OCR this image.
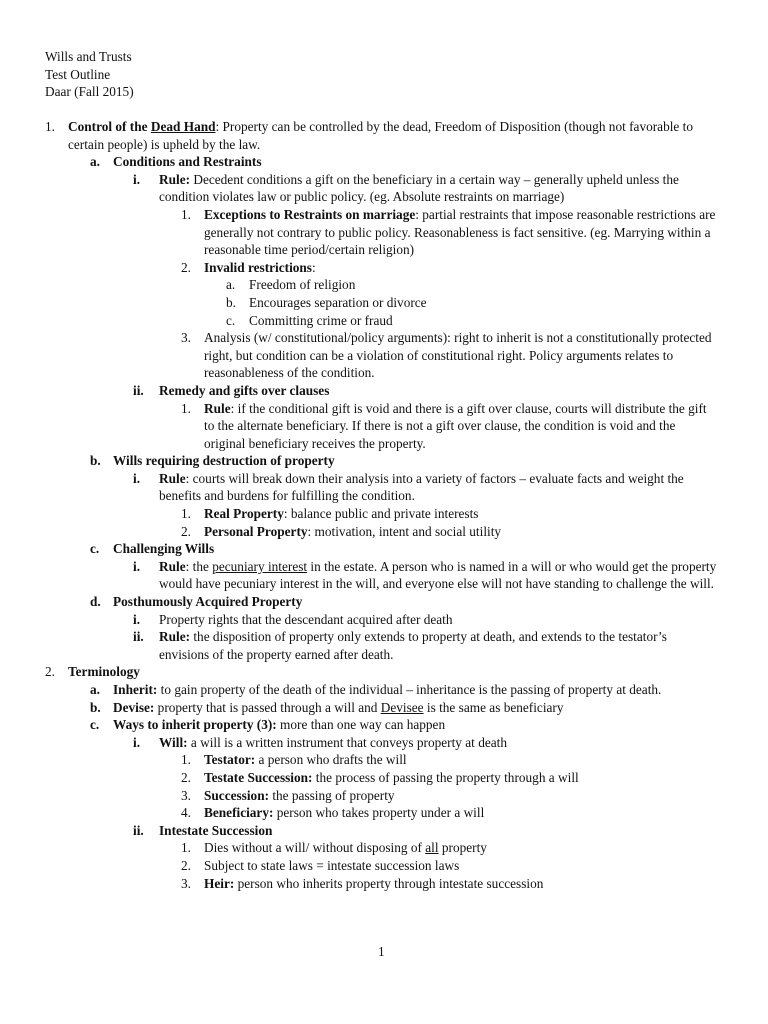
Wills and Trusts
Test Outline
Daar (Fall 2015)
1. Control of the Dead Hand: Property can be controlled by the dead, Freedom of Disposition (though not favorable to certain people) is upheld by the law.
a. Conditions and Restraints
i. Rule: Decedent conditions a gift on the beneficiary in a certain way – generally upheld unless the condition violates law or public policy. (eg. Absolute restraints on marriage)
1. Exceptions to Restraints on marriage: partial restraints that impose reasonable restrictions are generally not contrary to public policy. Reasonableness is fact sensitive. (eg. Marrying within a reasonable time period/certain religion)
2. Invalid restrictions:
a. Freedom of religion
b. Encourages separation or divorce
c. Committing crime or fraud
3. Analysis (w/ constitutional/policy arguments): right to inherit is not a constitutionally protected right, but condition can be a violation of constitutional right. Policy arguments relates to reasonableness of the condition.
ii. Remedy and gifts over clauses
1. Rule: if the conditional gift is void and there is a gift over clause, courts will distribute the gift to the alternate beneficiary. If there is not a gift over clause, the condition is void and the original beneficiary receives the property.
b. Wills requiring destruction of property
i. Rule: courts will break down their analysis into a variety of factors – evaluate facts and weight the benefits and burdens for fulfilling the condition.
1. Real Property: balance public and private interests
2. Personal Property: motivation, intent and social utility
c. Challenging Wills
i. Rule: the pecuniary interest in the estate. A person who is named in a will or who would get the property would have pecuniary interest in the will, and everyone else will not have standing to challenge the will.
d. Posthumously Acquired Property
i. Property rights that the descendant acquired after death
ii. Rule: the disposition of property only extends to property at death, and extends to the testator’s envisions of the property earned after death.
2. Terminology
a. Inherit: to gain property of the death of the individual – inheritance is the passing of property at death.
b. Devise: property that is passed through a will and Devisee is the same as beneficiary
c. Ways to inherit property (3): more than one way can happen
i. Will: a will is a written instrument that conveys property at death
1. Testator: a person who drafts the will
2. Testate Succession: the process of passing the property through a will
3. Succession: the passing of property
4. Beneficiary: person who takes property under a will
ii. Intestate Succession
1. Dies without a will/ without disposing of all property
2. Subject to state laws = intestate succession laws
3. Heir: person who inherits property through intestate succession
1
